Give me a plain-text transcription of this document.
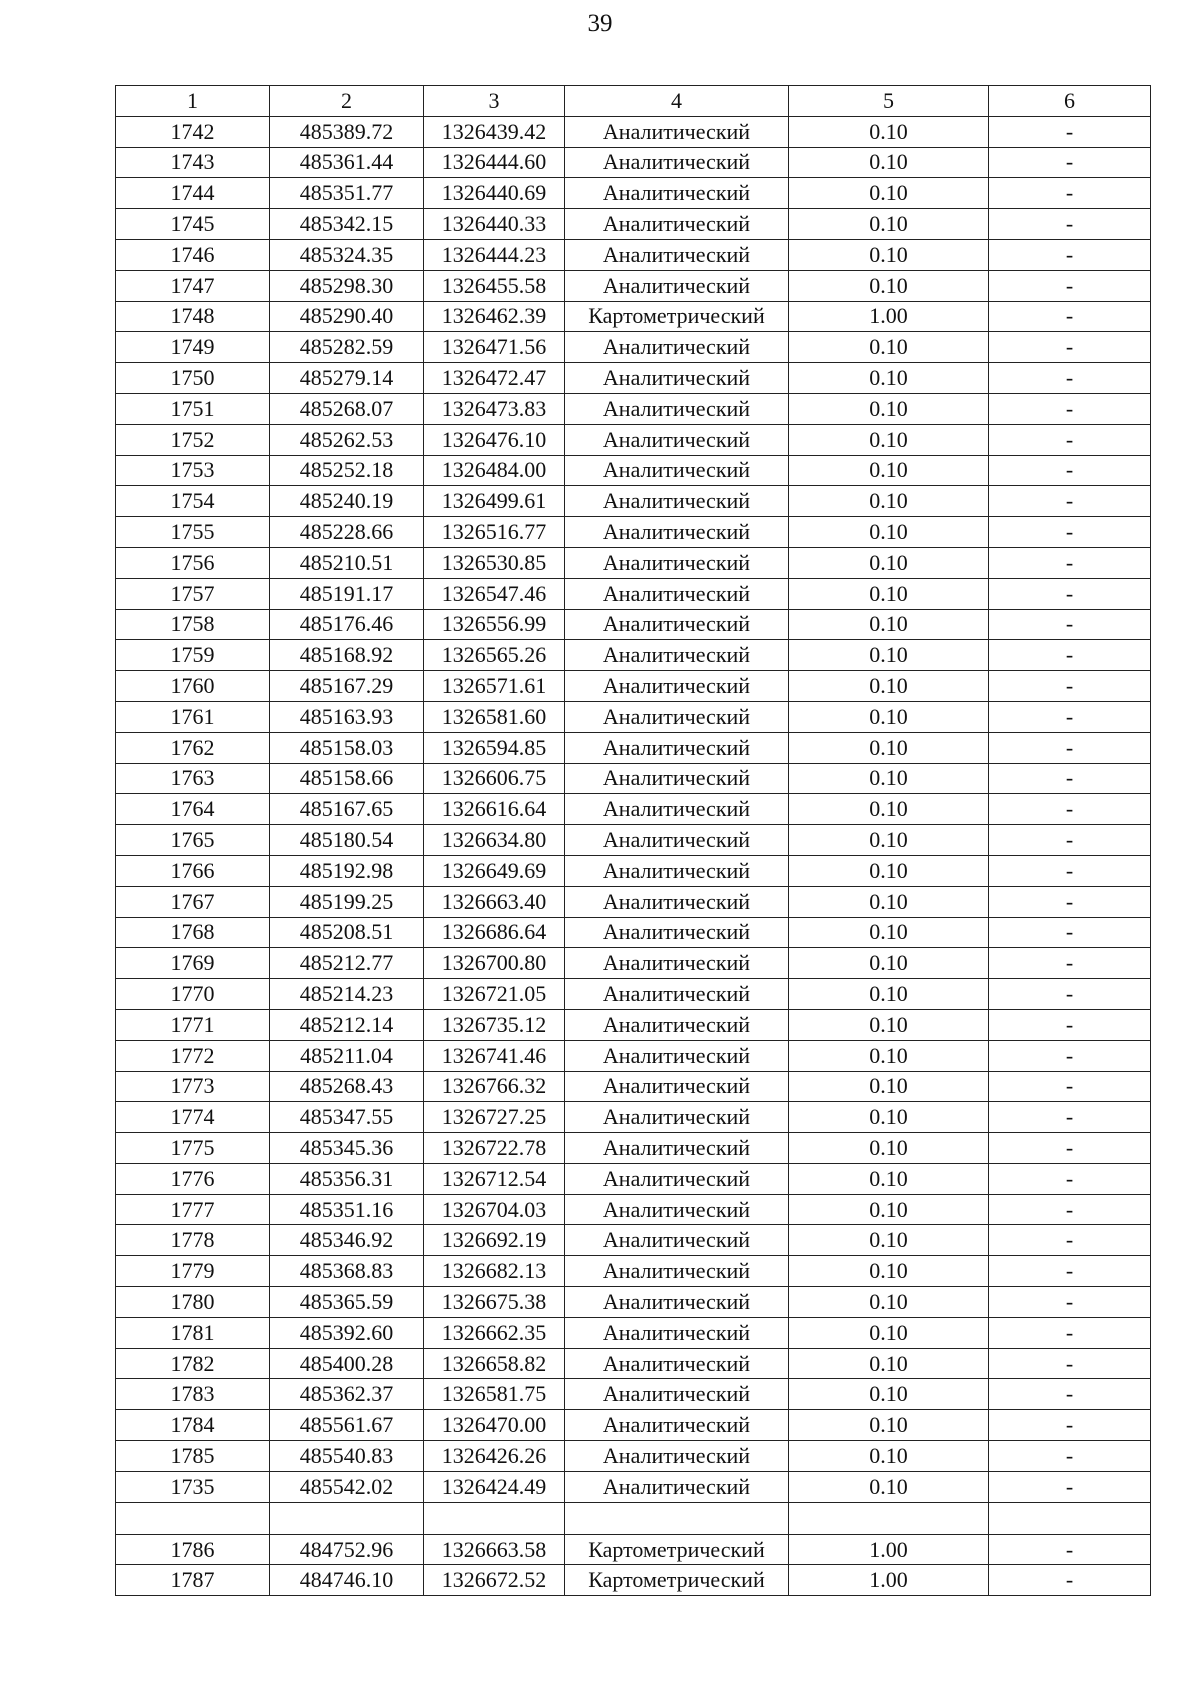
39
1	2	3	4	5	6
1742	485389.72	1326439.42	Аналитический	0.10	-
1743	485361.44	1326444.60	Аналитический	0.10	-
1744	485351.77	1326440.69	Аналитический	0.10	-
1745	485342.15	1326440.33	Аналитический	0.10	-
1746	485324.35	1326444.23	Аналитический	0.10	-
1747	485298.30	1326455.58	Аналитический	0.10	-
1748	485290.40	1326462.39	Картометрический	1.00	-
1749	485282.59	1326471.56	Аналитический	0.10	-
1750	485279.14	1326472.47	Аналитический	0.10	-
1751	485268.07	1326473.83	Аналитический	0.10	-
1752	485262.53	1326476.10	Аналитический	0.10	-
1753	485252.18	1326484.00	Аналитический	0.10	-
1754	485240.19	1326499.61	Аналитический	0.10	-
1755	485228.66	1326516.77	Аналитический	0.10	-
1756	485210.51	1326530.85	Аналитический	0.10	-
1757	485191.17	1326547.46	Аналитический	0.10	-
1758	485176.46	1326556.99	Аналитический	0.10	-
1759	485168.92	1326565.26	Аналитический	0.10	-
1760	485167.29	1326571.61	Аналитический	0.10	-
1761	485163.93	1326581.60	Аналитический	0.10	-
1762	485158.03	1326594.85	Аналитический	0.10	-
1763	485158.66	1326606.75	Аналитический	0.10	-
1764	485167.65	1326616.64	Аналитический	0.10	-
1765	485180.54	1326634.80	Аналитический	0.10	-
1766	485192.98	1326649.69	Аналитический	0.10	-
1767	485199.25	1326663.40	Аналитический	0.10	-
1768	485208.51	1326686.64	Аналитический	0.10	-
1769	485212.77	1326700.80	Аналитический	0.10	-
1770	485214.23	1326721.05	Аналитический	0.10	-
1771	485212.14	1326735.12	Аналитический	0.10	-
1772	485211.04	1326741.46	Аналитический	0.10	-
1773	485268.43	1326766.32	Аналитический	0.10	-
1774	485347.55	1326727.25	Аналитический	0.10	-
1775	485345.36	1326722.78	Аналитический	0.10	-
1776	485356.31	1326712.54	Аналитический	0.10	-
1777	485351.16	1326704.03	Аналитический	0.10	-
1778	485346.92	1326692.19	Аналитический	0.10	-
1779	485368.83	1326682.13	Аналитический	0.10	-
1780	485365.59	1326675.38	Аналитический	0.10	-
1781	485392.60	1326662.35	Аналитический	0.10	-
1782	485400.28	1326658.82	Аналитический	0.10	-
1783	485362.37	1326581.75	Аналитический	0.10	-
1784	485561.67	1326470.00	Аналитический	0.10	-
1785	485540.83	1326426.26	Аналитический	0.10	-
1735	485542.02	1326424.49	Аналитический	0.10	-

1786	484752.96	1326663.58	Картометрический	1.00	-
1787	484746.10	1326672.52	Картометрический	1.00	-
